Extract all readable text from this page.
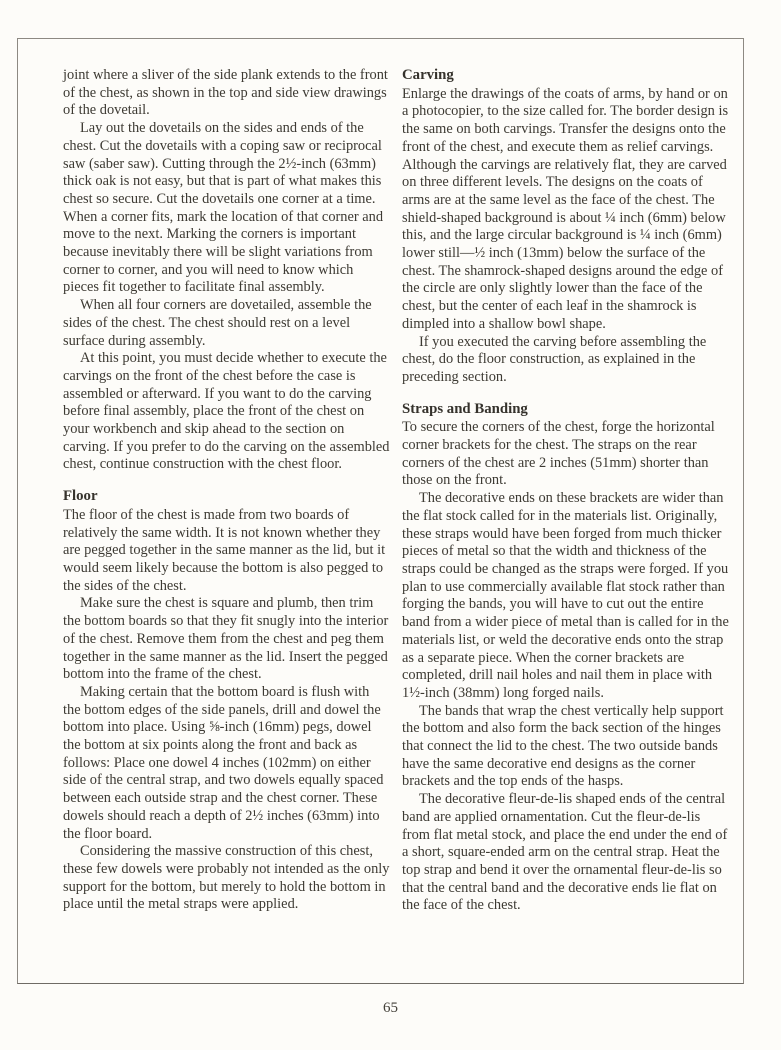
joint where a sliver of the side plank extends to the front of the chest, as shown in the top and side view drawings of the dovetail.

Lay out the dovetails on the sides and ends of the chest. Cut the dovetails with a coping saw or reciprocal saw (saber saw). Cutting through the 2½-inch (63mm) thick oak is not easy, but that is part of what makes this chest so secure. Cut the dovetails one corner at a time. When a corner fits, mark the location of that corner and move to the next. Marking the corners is important because inevitably there will be slight variations from corner to corner, and you will need to know which pieces fit together to facilitate final assembly.

When all four corners are dovetailed, assemble the sides of the chest. The chest should rest on a level surface during assembly.

At this point, you must decide whether to execute the carvings on the front of the chest before the case is assembled or afterward. If you want to do the carving before final assembly, place the front of the chest on your workbench and skip ahead to the section on carving. If you prefer to do the carving on the assembled chest, continue construction with the chest floor.

Floor

The floor of the chest is made from two boards of relatively the same width. It is not known whether they are pegged together in the same manner as the lid, but it would seem likely because the bottom is also pegged to the sides of the chest.

Make sure the chest is square and plumb, then trim the bottom boards so that they fit snugly into the interior of the chest. Remove them from the chest and peg them together in the same manner as the lid. Insert the pegged bottom into the frame of the chest.

Making certain that the bottom board is flush with the bottom edges of the side panels, drill and dowel the bottom into place. Using ⅝-inch (16mm) pegs, dowel the bottom at six points along the front and back as follows: Place one dowel 4 inches (102mm) on either side of the central strap, and two dowels equally spaced between each outside strap and the chest corner. These dowels should reach a depth of 2½ inches (63mm) into the floor board.

Considering the massive construction of this chest, these few dowels were probably not intended as the only support for the bottom, but merely to hold the bottom in place until the metal straps were applied.

Carving

Enlarge the drawings of the coats of arms, by hand or on a photocopier, to the size called for. The border design is the same on both carvings. Transfer the designs onto the front of the chest, and execute them as relief carvings. Although the carvings are relatively flat, they are carved on three different levels. The designs on the coats of arms are at the same level as the face of the chest. The shield-shaped background is about ¼ inch (6mm) below this, and the large circular background is ¼ inch (6mm) lower still—½ inch (13mm) below the surface of the chest. The shamrock-shaped designs around the edge of the circle are only slightly lower than the face of the chest, but the center of each leaf in the shamrock is dimpled into a shallow bowl shape.

If you executed the carving before assembling the chest, do the floor construction, as explained in the preceding section.

Straps and Banding

To secure the corners of the chest, forge the horizontal corner brackets for the chest. The straps on the rear corners of the chest are 2 inches (51mm) shorter than those on the front.

The decorative ends on these brackets are wider than the flat stock called for in the materials list. Originally, these straps would have been forged from much thicker pieces of metal so that the width and thickness of the straps could be changed as the straps were forged. If you plan to use commercially available flat stock rather than forging the bands, you will have to cut out the entire band from a wider piece of metal than is called for in the materials list, or weld the decorative ends onto the strap as a separate piece. When the corner brackets are completed, drill nail holes and nail them in place with 1½-inch (38mm) long forged nails.

The bands that wrap the chest vertically help support the bottom and also form the back section of the hinges that connect the lid to the chest. The two outside bands have the same decorative end designs as the corner brackets and the top ends of the hasps.

The decorative fleur-de-lis shaped ends of the central band are applied ornamentation. Cut the fleur-de-lis from flat metal stock, and place the end under the end of a short, square-ended arm on the central strap. Heat the top strap and bend it over the ornamental fleur-de-lis so that the central band and the decorative ends lie flat on the face of the chest.

65
